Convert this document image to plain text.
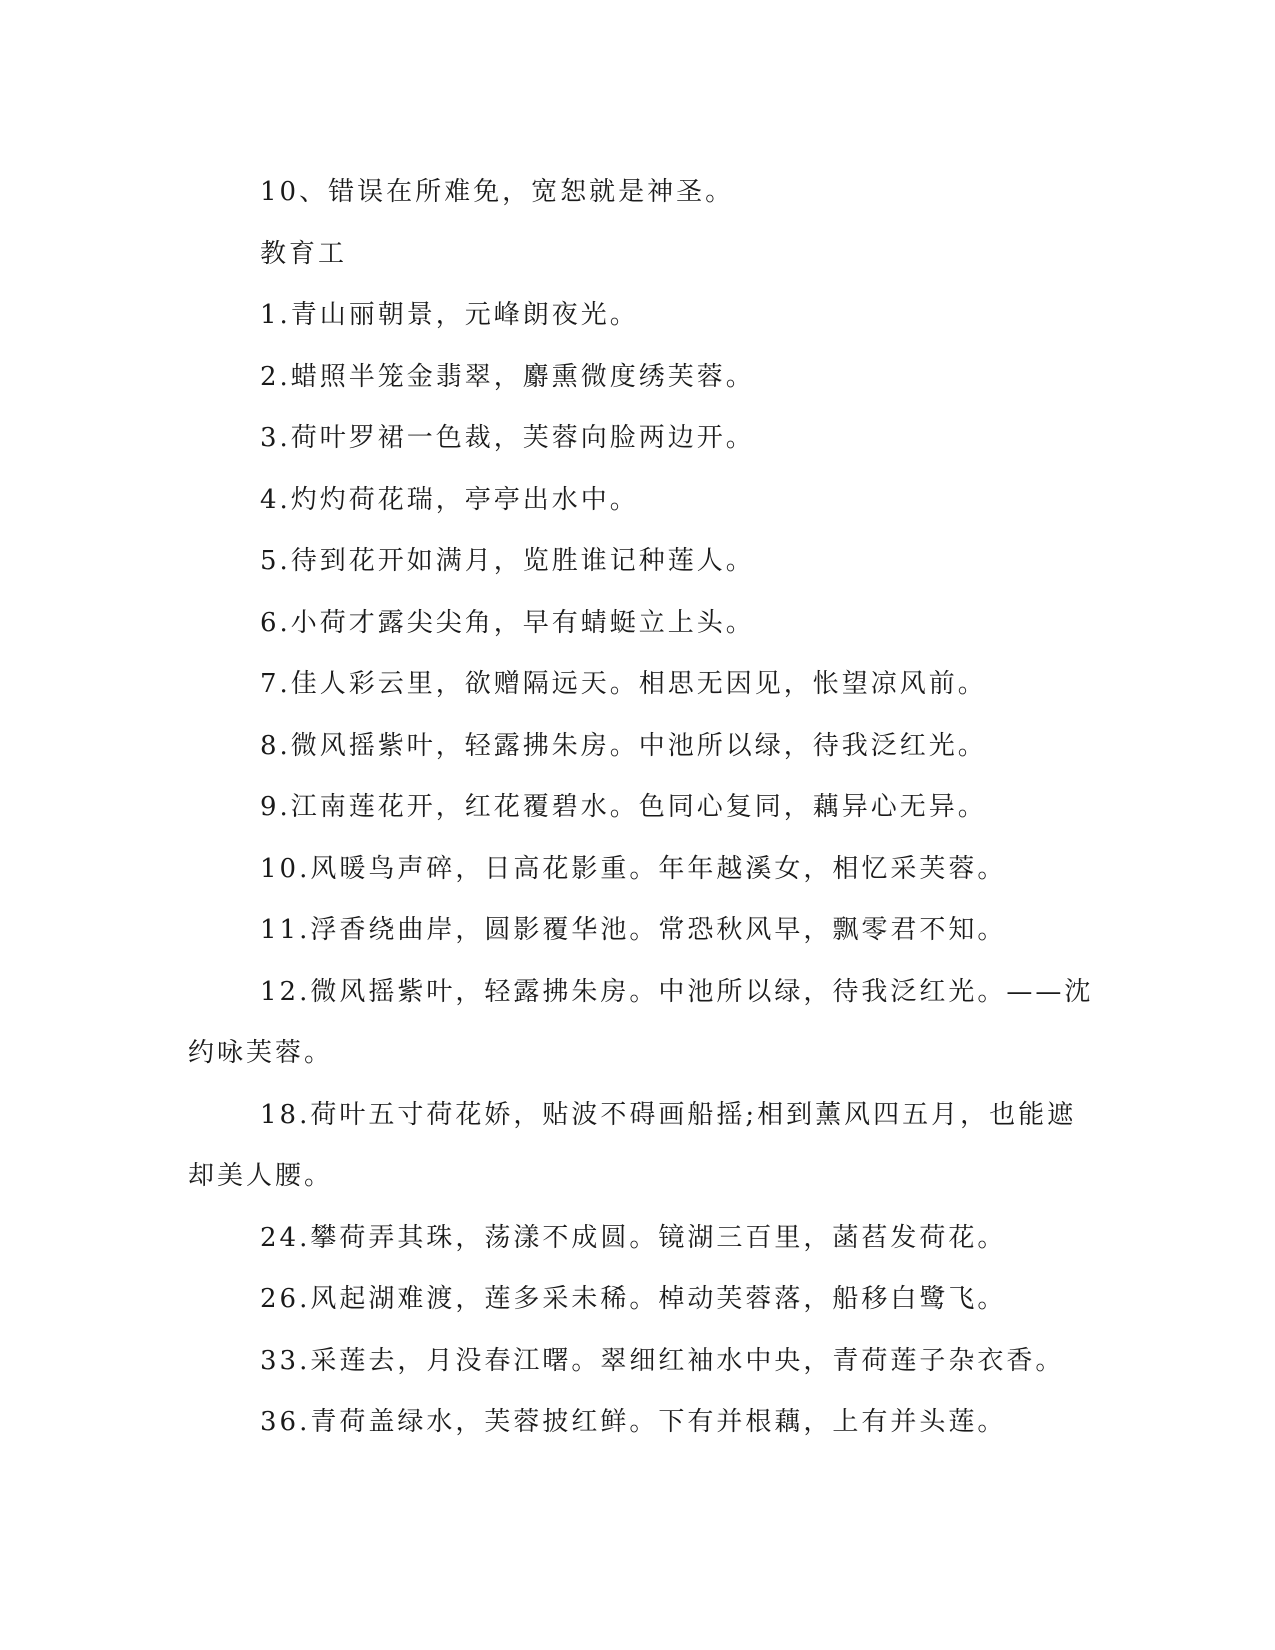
10、错误在所难免，宽恕就是神圣。
教育工
1.青山丽朝景，元峰朗夜光。
2.蜡照半笼金翡翠，麝熏微度绣芙蓉。
3.荷叶罗裙一色裁，芙蓉向脸两边开。
4.灼灼荷花瑞，亭亭出水中。
5.待到花开如满月，览胜谁记种莲人。
6.小荷才露尖尖角，早有蜻蜓立上头。
7.佳人彩云里，欲赠隔远天。相思无因见，怅望凉风前。
8.微风摇紫叶，轻露拂朱房。中池所以绿，待我泛红光。
9.江南莲花开，红花覆碧水。色同心复同，藕异心无异。
10.风暖鸟声碎，日高花影重。年年越溪女，相忆采芙蓉。
11.浮香绕曲岸，圆影覆华池。常恐秋风早，飘零君不知。
12.微风摇紫叶，轻露拂朱房。中池所以绿，待我泛红光。——沈
约咏芙蓉。
18.荷叶五寸荷花娇，贴波不碍画船摇;相到薰风四五月，也能遮
却美人腰。
24.攀荷弄其珠，荡漾不成圆。镜湖三百里，菡萏发荷花。
26.风起湖难渡，莲多采未稀。棹动芙蓉落，船移白鹭飞。
33.采莲去，月没春江曙。翠细红袖水中央，青荷莲子杂衣香。
36.青荷盖绿水，芙蓉披红鲜。下有并根藕，上有并头莲。
